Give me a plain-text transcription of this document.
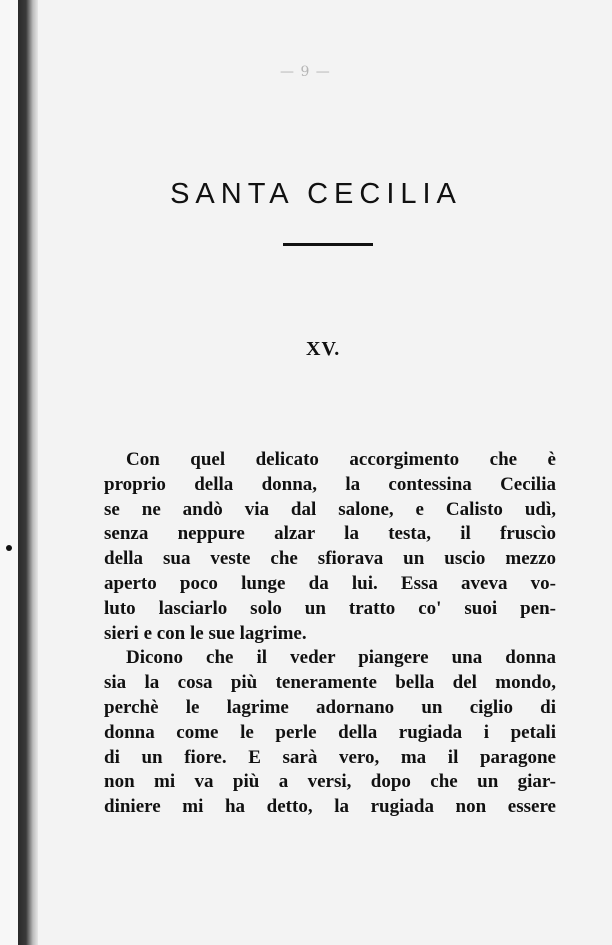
— 9 —
SANTA CECILIA
XV.
Con quel delicato accorgimento che è
proprio della donna, la contessina Cecilia
se ne andò via dal salone, e Calisto udì,
senza neppure alzar la testa, il fruscìo
della sua veste che sfiorava un uscio mezzo
aperto poco lunge da lui. Essa aveva vo-
luto lasciarlo solo un tratto co' suoi pen-
sieri e con le sue lagrime.
Dicono che il veder piangere una donna
sia la cosa più teneramente bella del mondo,
perchè le lagrime adornano un ciglio di
donna come le perle della rugiada i petali
di un fiore. E sarà vero, ma il paragone
non mi va più a versi, dopo che un giar-
diniere mi ha detto, la rugiada non essere
